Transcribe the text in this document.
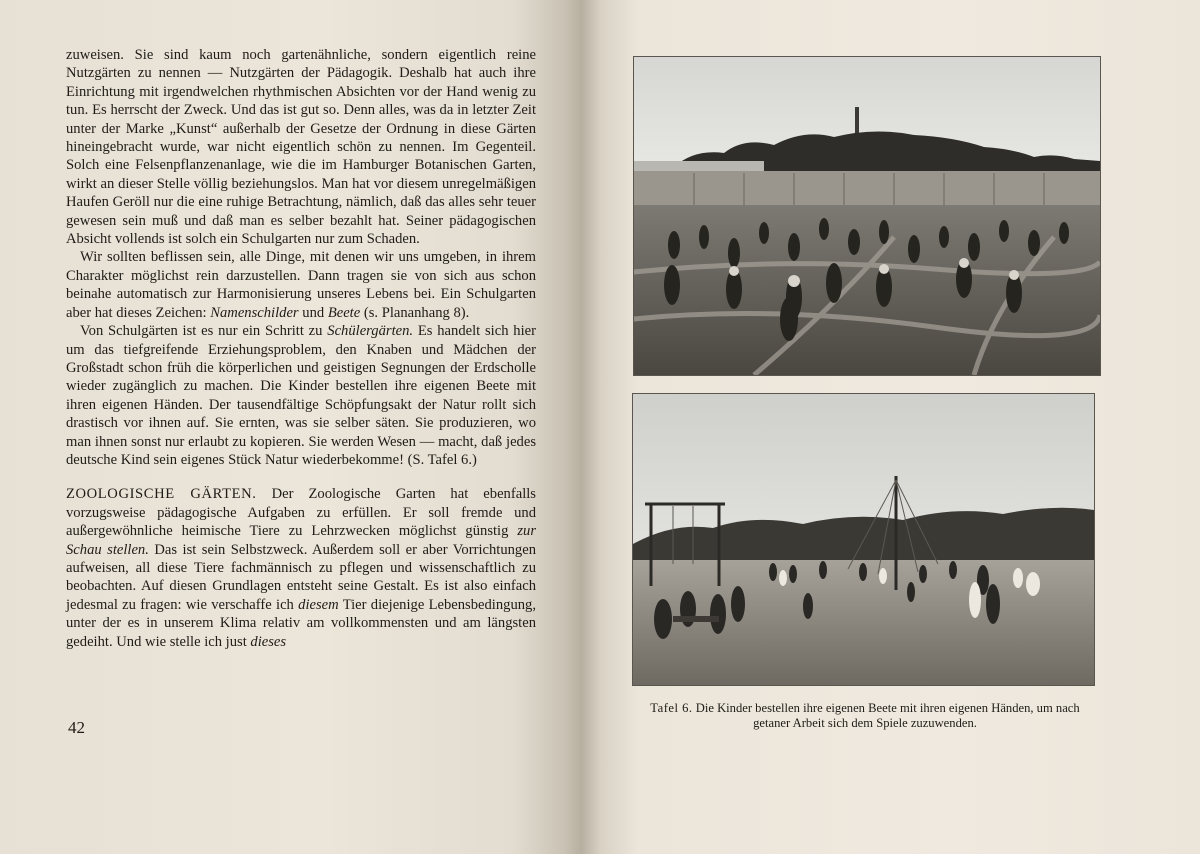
zuweisen. Sie sind kaum noch gartenähnliche, sondern eigentlich reine Nutzgärten zu nennen — Nutzgärten der Pädagogik. Deshalb hat auch ihre Einrichtung mit irgendwelchen rhythmischen Absichten vor der Hand wenig zu tun. Es herrscht der Zweck. Und das ist gut so. Denn alles, was da in letzter Zeit unter der Marke „Kunst“ außerhalb der Gesetze der Ordnung in diese Gärten hineingebracht wurde, war nicht eigentlich schön zu nennen. Im Gegenteil. Solch eine Felsenpflanzenanlage, wie die im Hamburger Botanischen Garten, wirkt an dieser Stelle völlig beziehungslos. Man hat vor diesem unregelmäßigen Haufen Geröll nur die eine ruhige Betrachtung, nämlich, daß das alles sehr teuer gewesen sein muß und daß man es selber bezahlt hat. Seiner pädagogischen Absicht vollends ist solch ein Schulgarten nur zum Schaden.

Wir sollten beflissen sein, alle Dinge, mit denen wir uns umgeben, in ihrem Charakter möglichst rein darzustellen. Dann tragen sie von sich aus schon beinahe automatisch zur Harmonisierung unseres Lebens bei. Ein Schulgarten aber hat dieses Zeichen: Namenschilder und Beete (s. Plananhang 8).

Von Schulgärten ist es nur ein Schritt zu Schülergärten. Es handelt sich hier um das tiefgreifende Erziehungsproblem, den Knaben und Mädchen der Großstadt schon früh die körperlichen und geistigen Segnungen der Erdscholle wieder zugänglich zu machen. Die Kinder bestellen ihre eigenen Beete mit ihren eigenen Händen. Der tausendfältige Schöpfungsakt der Natur rollt sich drastisch vor ihnen auf. Sie ernten, was sie selber säten. Sie produzieren, wo man ihnen sonst nur erlaubt zu kopieren. Sie werden Wesen — macht, daß jedes deutsche Kind sein eigenes Stück Natur wiederbekomme! (S. Tafel 6.)

ZOOLOGISCHE GÄRTEN. Der Zoologische Garten hat ebenfalls vorzugsweise pädagogische Aufgaben zu erfüllen. Er soll fremde und außergewöhnliche heimische Tiere zu Lehrzwecken möglichst günstig zur Schau stellen. Das ist sein Selbstzweck. Außerdem soll er aber Vorrichtungen aufweisen, all diese Tiere fachmännisch zu pflegen und wissenschaftlich zu beobachten. Auf diesen Grundlagen entsteht seine Gestalt. Es ist also einfach jedesmal zu fragen: wie verschaffe ich diesem Tier diejenige Lebensbedingung, unter der es in unserem Klima relativ am vollkommensten und am längsten gedeiht. Und wie stelle ich just dieses

42
Tafel 6. Die Kinder bestellen ihre eigenen Beete mit ihren eigenen Händen, um nach getaner Arbeit sich dem Spiele zuzuwenden.
